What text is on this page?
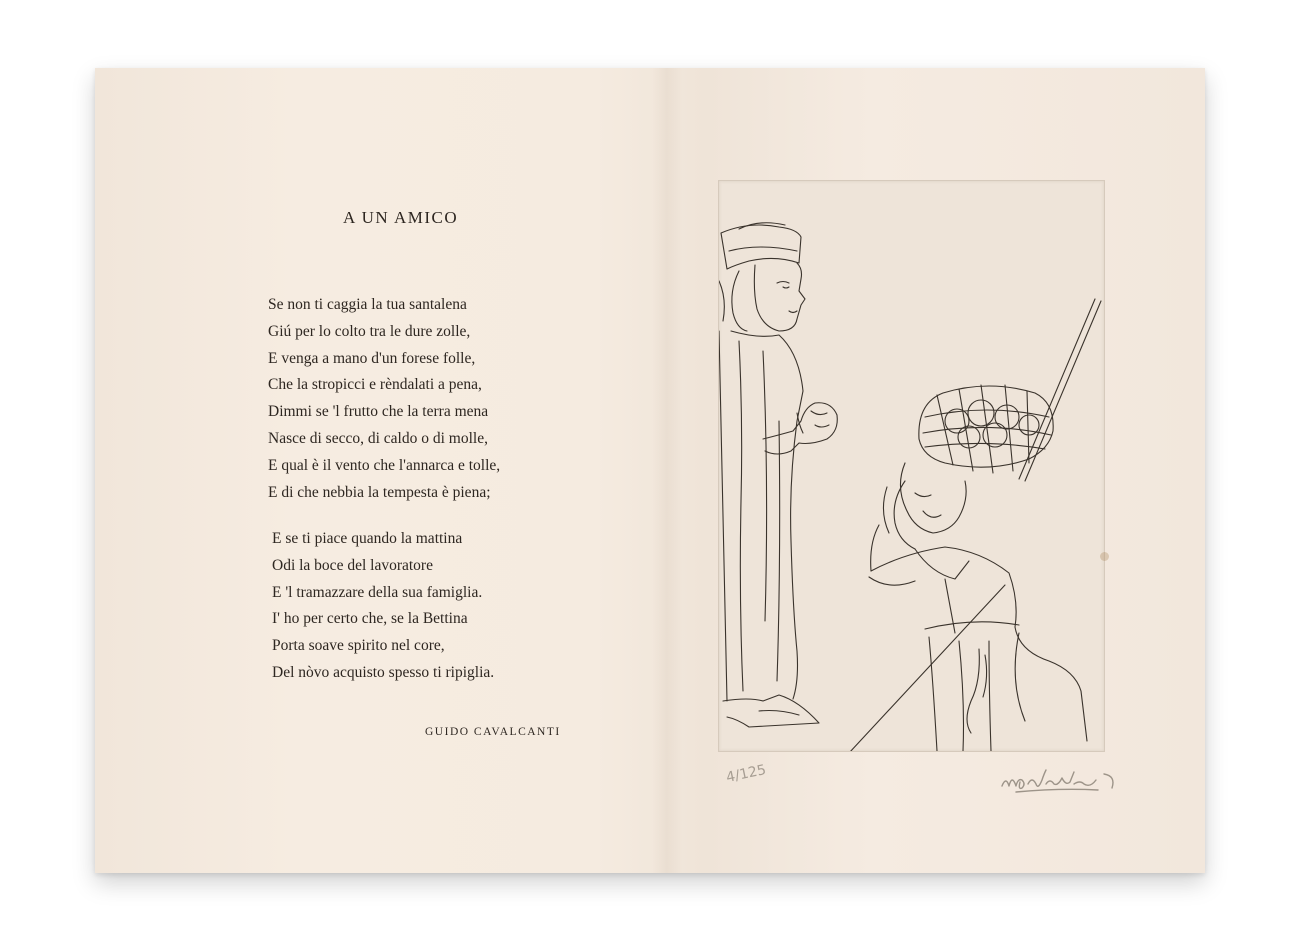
A UN AMICO
Se non ti caggia la tua santalena
Giú per lo colto tra le dure zolle,
E venga a mano d'un forese folle,
Che la stropicci e rèndalati a pena,
Dimmi se 'l frutto che la terra mena
Nasce di secco, di caldo o di molle,
E qual è il vento che l'annarca e tolle,
E di che nebbia la tempesta è piena;
E se ti piace quando la mattina
Odi la boce del lavoratore
E 'l tramazzare della sua famiglia.
I' ho per certo che, se la Bettina
Porta soave spirito nel core,
Del nòvo acquisto spesso ti ripiglia.
GUIDO CAVALCANTI
4/125
